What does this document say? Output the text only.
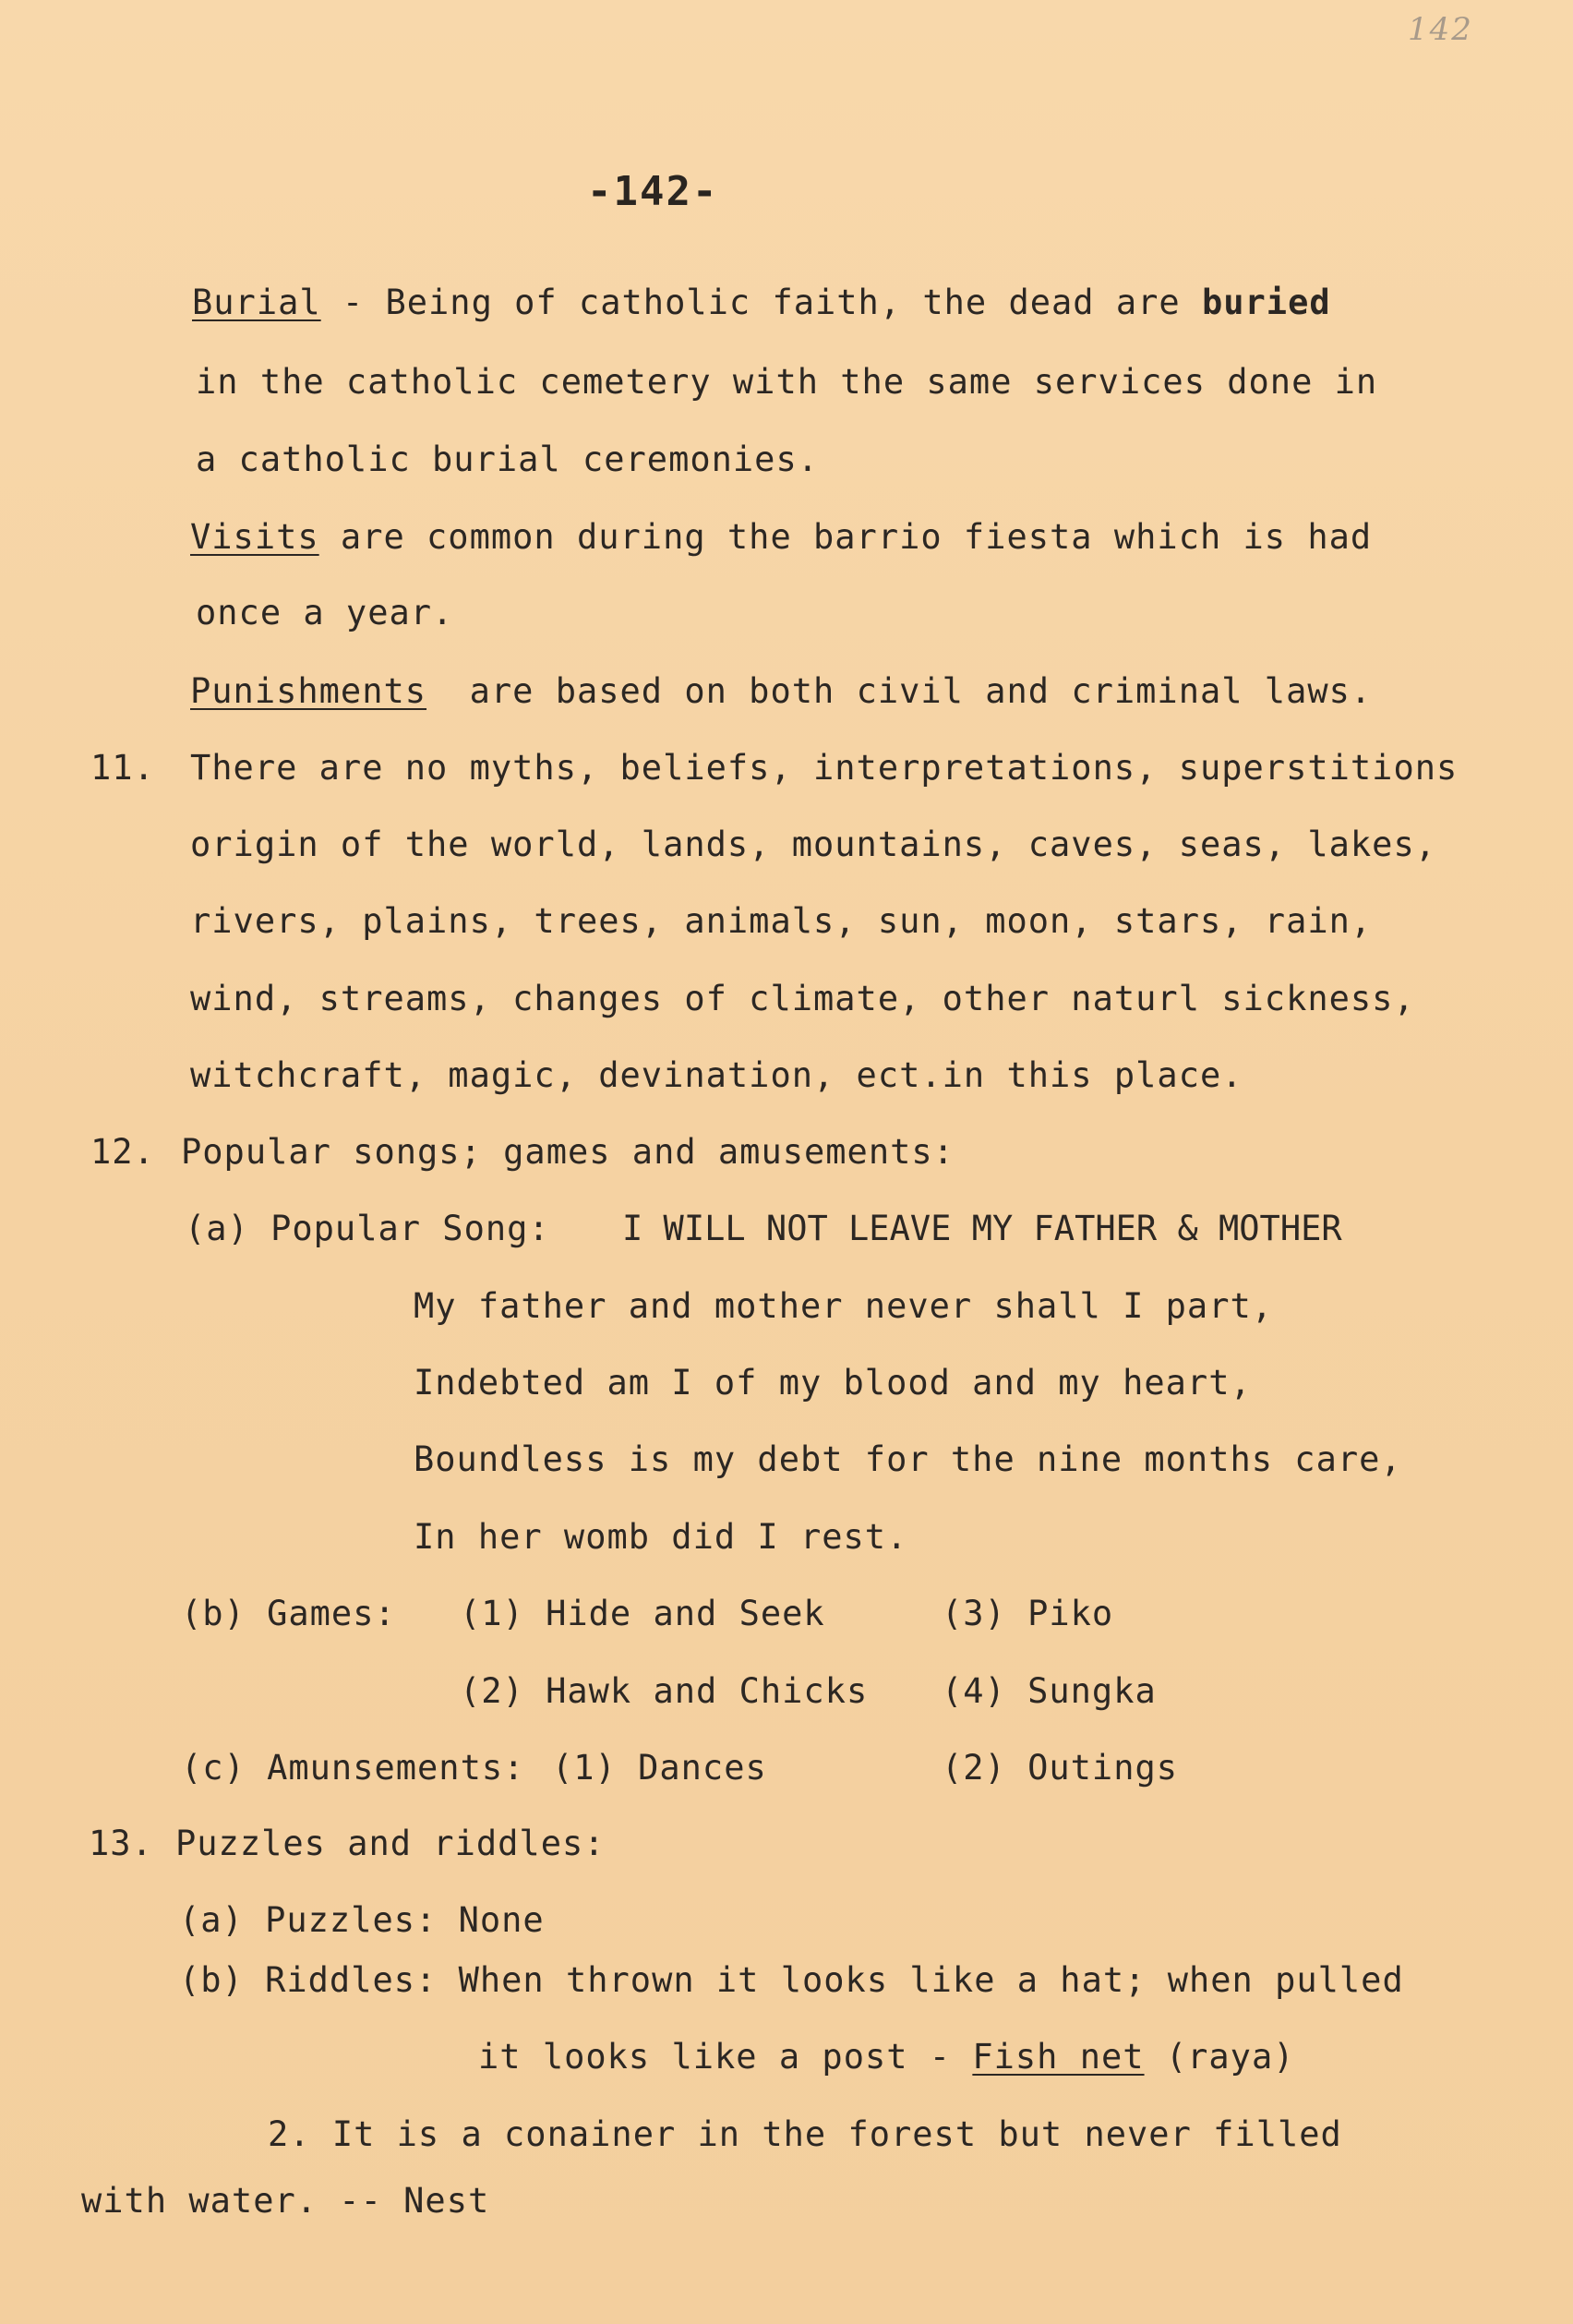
142
-142-
Burial - Being of catholic faith, the dead are buried
in the catholic cemetery with the same services done in
a catholic burial ceremonies.
Visits are common during the barrio fiesta which is had
once a year.
Punishments  are based on both civil and criminal laws.
11. There are no myths, beliefs, interpretations, superstitions
origin of the world, lands, mountains, caves, seas, lakes,
rivers, plains, trees, animals, sun, moon, stars, rain,
wind, streams, changes of climate, other naturl sickness,
witchcraft, magic, devination, ect.in this place.
12. Popular songs; games and amusements:
(a) Popular Song: I WILL NOT LEAVE MY FATHER & MOTHER
My father and mother never shall I part,
Indebted am I of my blood and my heart,
Boundless is my debt for the nine months care,
In her womb did I rest.
(b) Games: (1) Hide and Seek	(3) Piko
(2) Hawk and Chicks (4) Sungka
(c) Amunsements: (1) Dances	(2) Outings
13. Puzzles and riddles:
(a) Puzzles: None
(b) Riddles: When thrown it looks like a hat; when pulled
it looks like a post - Fish net (raya)
2. It is a conainer in the forest but never filled
with water. -- Nest
